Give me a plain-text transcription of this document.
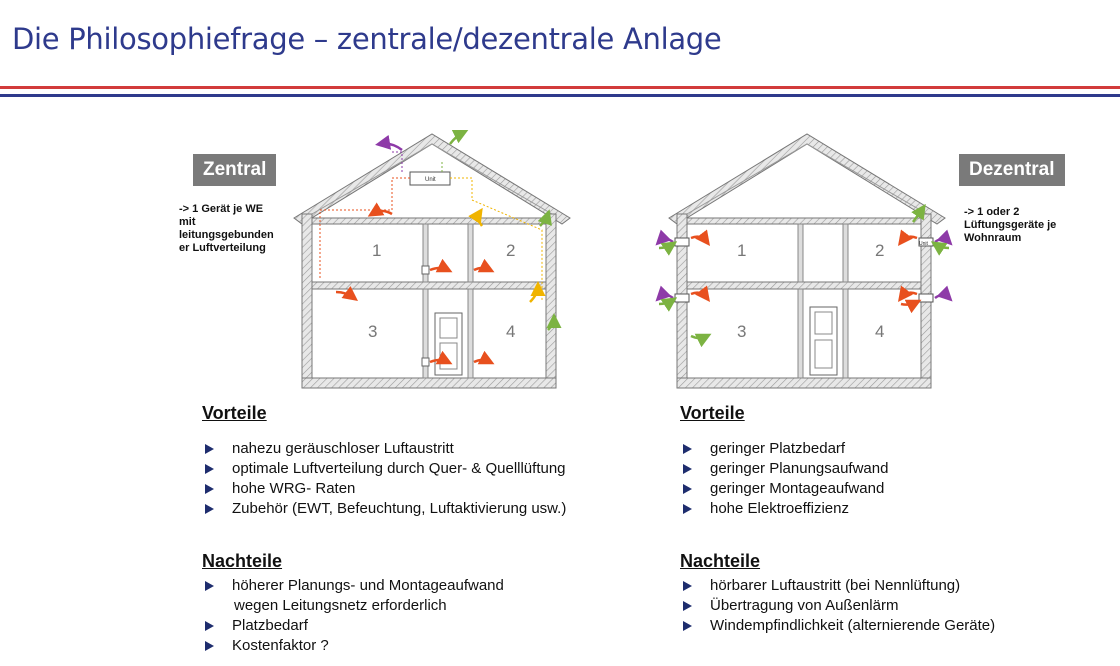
Die Philosophiefrage – zentrale/dezentrale Anlage
Zentral
-> 1 Gerät je WE
mit
leitungsgebunden
er Luftverteilung	1	2
3	4
Unit
Vorteile
nahezu geräuschloser Luftaustritt
optimale Luftverteilung durch Quer- & Quelllüftung
hohe WRG- Raten
Zubehör (EWT, Befeuchtung, Luftaktivierung usw.)
Nachteile
höherer Planungs- und Montageaufwand
wegen Leitungsnetz erforderlich
Platzbedarf
Kostenfaktor ?
Dezentral
-> 1 oder 2
Lüftungsgeräte je
Wohnraum
1	2
3	4
Unit
Vorteile
geringer Platzbedarf
geringer Planungsaufwand
geringer Montageaufwand
hohe Elektroeffizienz
Nachteile
hörbarer Luftaustritt (bei Nennlüftung)
Übertragung von Außenlärm
Windempfindlichkeit (alternierende Geräte)
